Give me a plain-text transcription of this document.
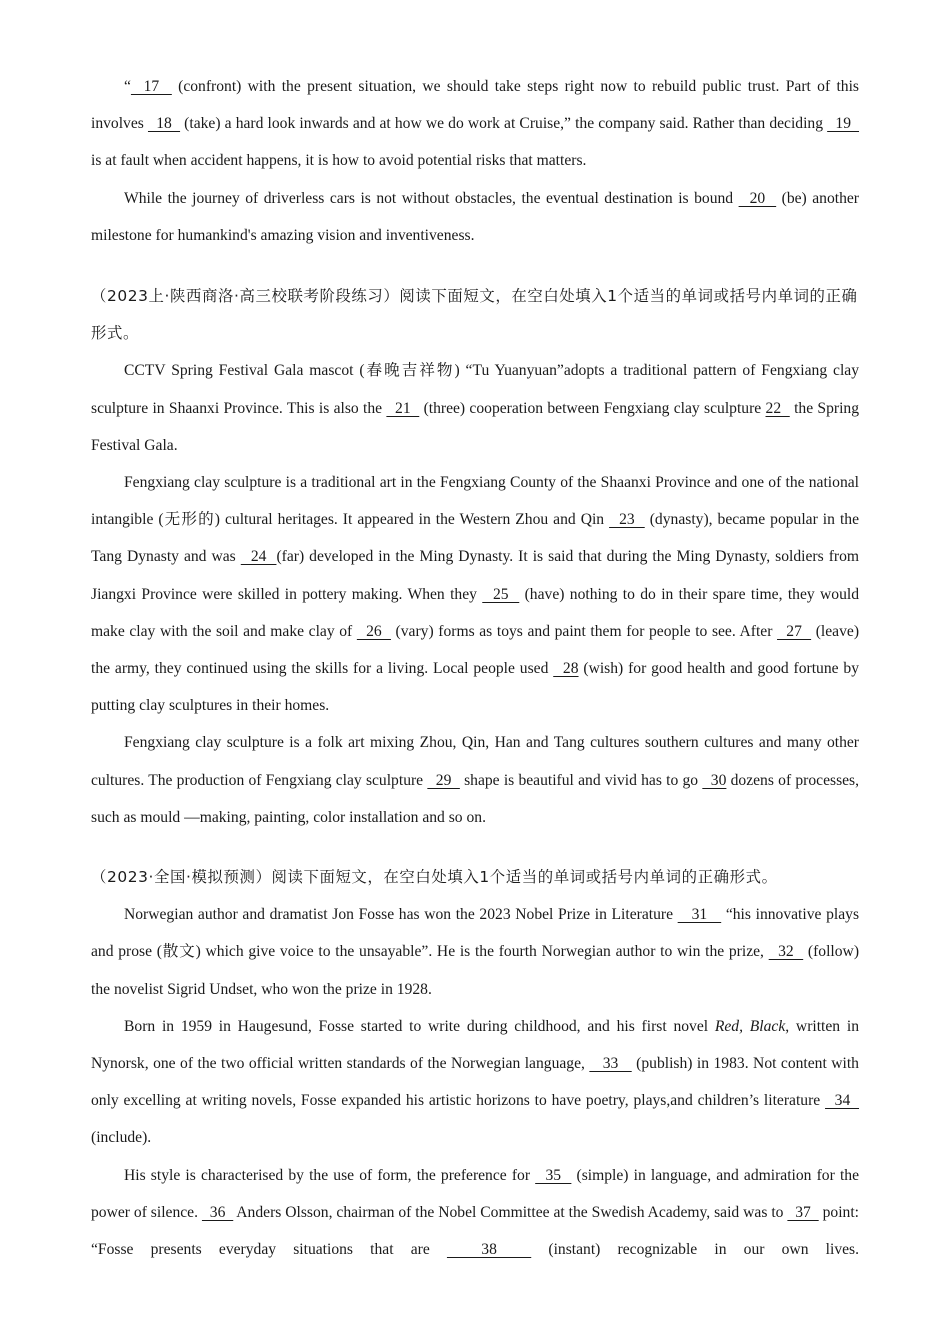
“  17   (confront) with the present situation, we should take steps right now to rebuild public trust. Part of this involves   18   (take) a hard look inwards and at how we do work at Cruise,” the company said. Rather than deciding   19   is at fault when accident happens, it is how to avoid potential risks that matters.

While the journey of driverless cars is not without obstacles, the eventual destination is bound   20   (be) another milestone for humankind's amazing vision and inventiveness.

（2023上·陕西商洛·高三校联考阶段练习）阅读下面短文，在空白处填入1个适当的单词或括号内单词的正确形式。

CCTV Spring Festival Gala mascot (春晚吉祥物) “Tu Yuanyuan”adopts a traditional pattern of Fengxiang clay sculpture in Shaanxi Province. This is also the   21   (three) cooperation between Fengxiang clay sculpture 22   the Spring Festival Gala.

Fengxiang clay sculpture is a traditional art in the Fengxiang County of the Shaanxi Province and one of the national intangible (无形的) cultural heritages. It appeared in the Western Zhou and Qin   23   (dynasty), became popular in the Tang Dynasty and was   24  (far) developed in the Ming Dynasty. It is said that during the Ming Dynasty, soldiers from Jiangxi Province were skilled in pottery making. When they   25   (have) nothing to do in their spare time, they would make clay with the soil and make clay of   26   (vary) forms as toys and paint them for people to see. After   27   (leave) the army, they continued using the skills for a living. Local people used   28 (wish) for good health and good fortune by putting clay sculptures in their homes.

Fengxiang clay sculpture is a folk art mixing Zhou, Qin, Han and Tang cultures southern cultures and many other cultures. The production of Fengxiang clay sculpture   29   shape is beautiful and vivid has to go   30 dozens of processes, such as mould —making, painting, color installation and so on.

（2023·全国·模拟预测）阅读下面短文，在空白处填入1个适当的单词或括号内单词的正确形式。

Norwegian author and dramatist Jon Fosse has won the 2023 Nobel Prize in Literature    31    “his innovative plays and prose (散文) which give voice to the unsayable”. He is the fourth Norwegian author to win the prize,   32   (follow) the novelist Sigrid Undset, who won the prize in 1928.

Born in 1959 in Haugesund, Fosse started to write during childhood, and his first novel Red, Black, written in Nynorsk, one of the two official written standards of the Norwegian language,    33    (publish) in 1983. Not content with only excelling at writing novels, Fosse expanded his artistic horizons to have poetry, plays,and children’s literature   34   (include).

His style is characterised by the use of form, the preference for   35   (simple) in language, and admiration for the power of silence.   36   Anders Olsson, chairman of the Nobel Committee at the Swedish Academy, said was to   37   point: “Fosse presents everyday situations that are   38   (instant) recognizable in our own lives.
